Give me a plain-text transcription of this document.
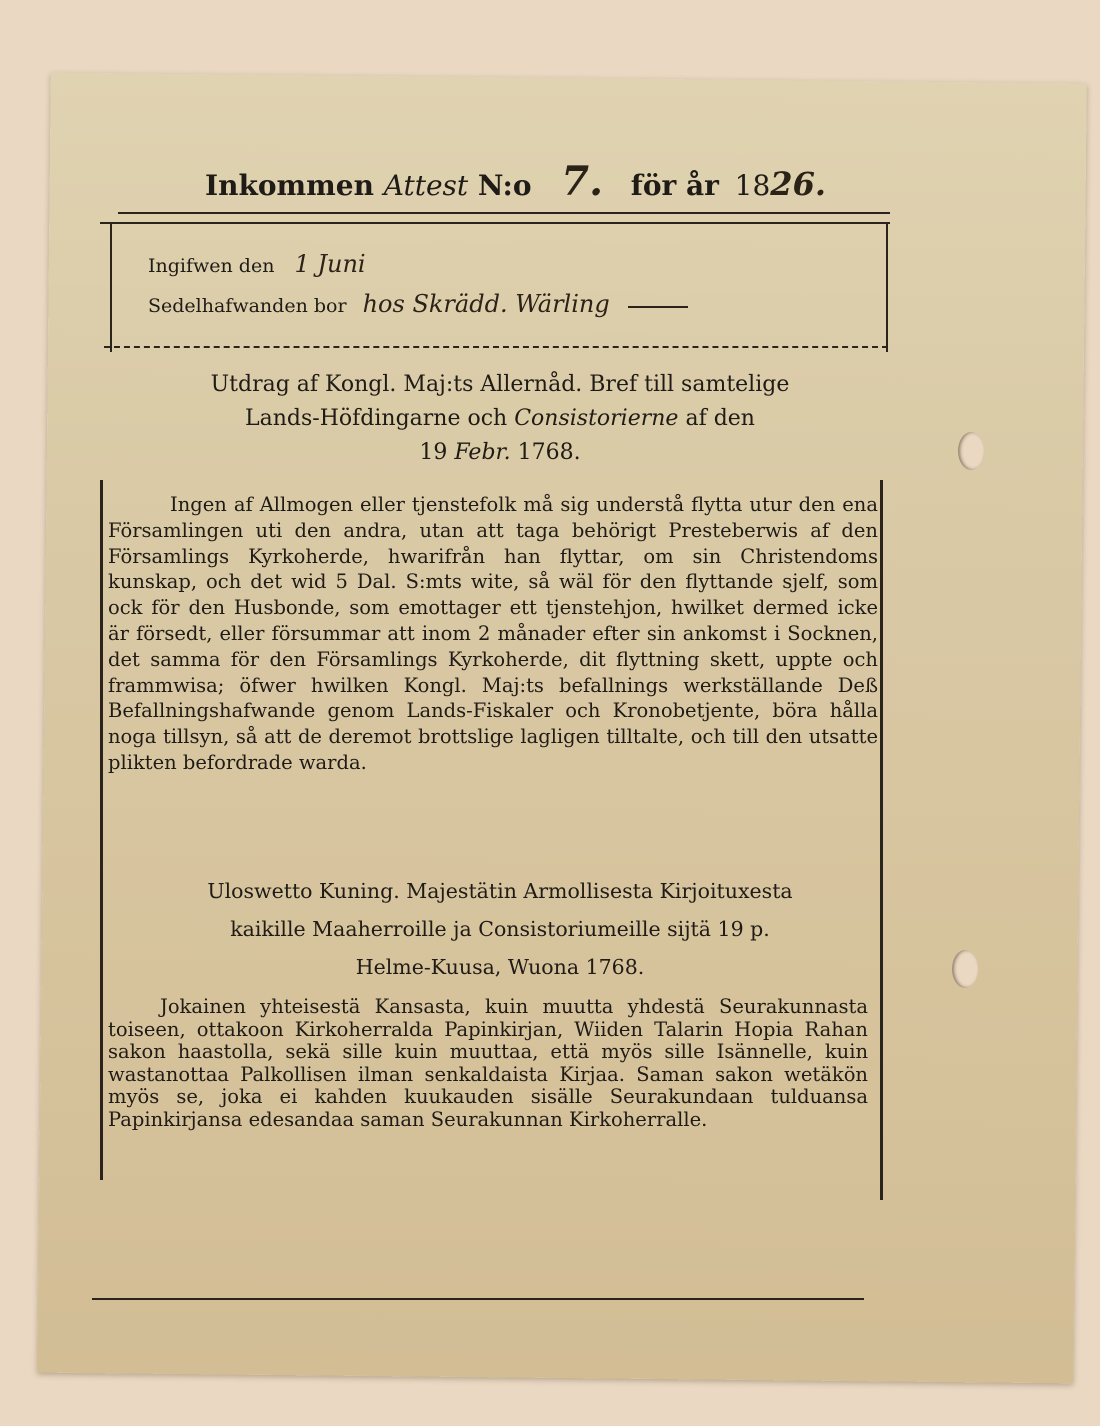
Inkommen Attest N:o 7. för år 1826.
Ingifwen den 1 Juni
Sedelhafwanden bor hos Skrädd. Wärling
Utdrag af Kongl. Maj:ts Allernåd. Bref till samtelige
Lands-Höfdingarne och Consistorierne af den
19 Febr. 1768.
Ingen af Allmogen eller tjenstefolk må sig understå flytta utur den ena Församlingen uti den andra, utan att taga behörigt Presteberwis af den Församlings Kyrkoherde, hwarifrån han flyttar, om sin Christendoms kunskap, och det wid 5 Dal. S:mts wite, så wäl för den flyttande sjelf, som ock för den Husbonde, som emottager ett tjenstehjon, hwilket dermed icke är försedt, eller försummar att inom 2 månader efter sin ankomst i Socknen, det samma för den Församlings Kyrkoherde, dit flyttning skett, uppte och frammwisa; öfwer hwilken Kongl. Maj:ts befallnings werkställande Deß Befallningshafwande genom Lands-Fiskaler och Kronobetjente, böra hålla noga tillsyn, så att de deremot brottslige lagligen tilltalte, och till den utsatte plikten befordrade warda.
Uloswetto Kuning. Majestätin Armollisesta Kirjoituxesta
kaikille Maaherroille ja Consistoriumeille sijtä 19 p.
Helme-Kuusa, Wuona 1768.
Jokainen yhteisestä Kansasta, kuin muutta yhdestä Seurakunnasta toiseen, ottakoon Kirkoherralda Papinkirjan, Wiiden Talarin Hopia Rahan sakon haastolla, sekä sille kuin muuttaa, että myös sille Isännelle, kuin wastanottaa Palkollisen ilman senkaldaista Kirjaa. Saman sakon wetäkön myös se, joka ei kahden kuukauden sisälle Seurakundaan tulduansa Papinkirjansa edesandaa saman Seurakunnan Kirkoherralle.
